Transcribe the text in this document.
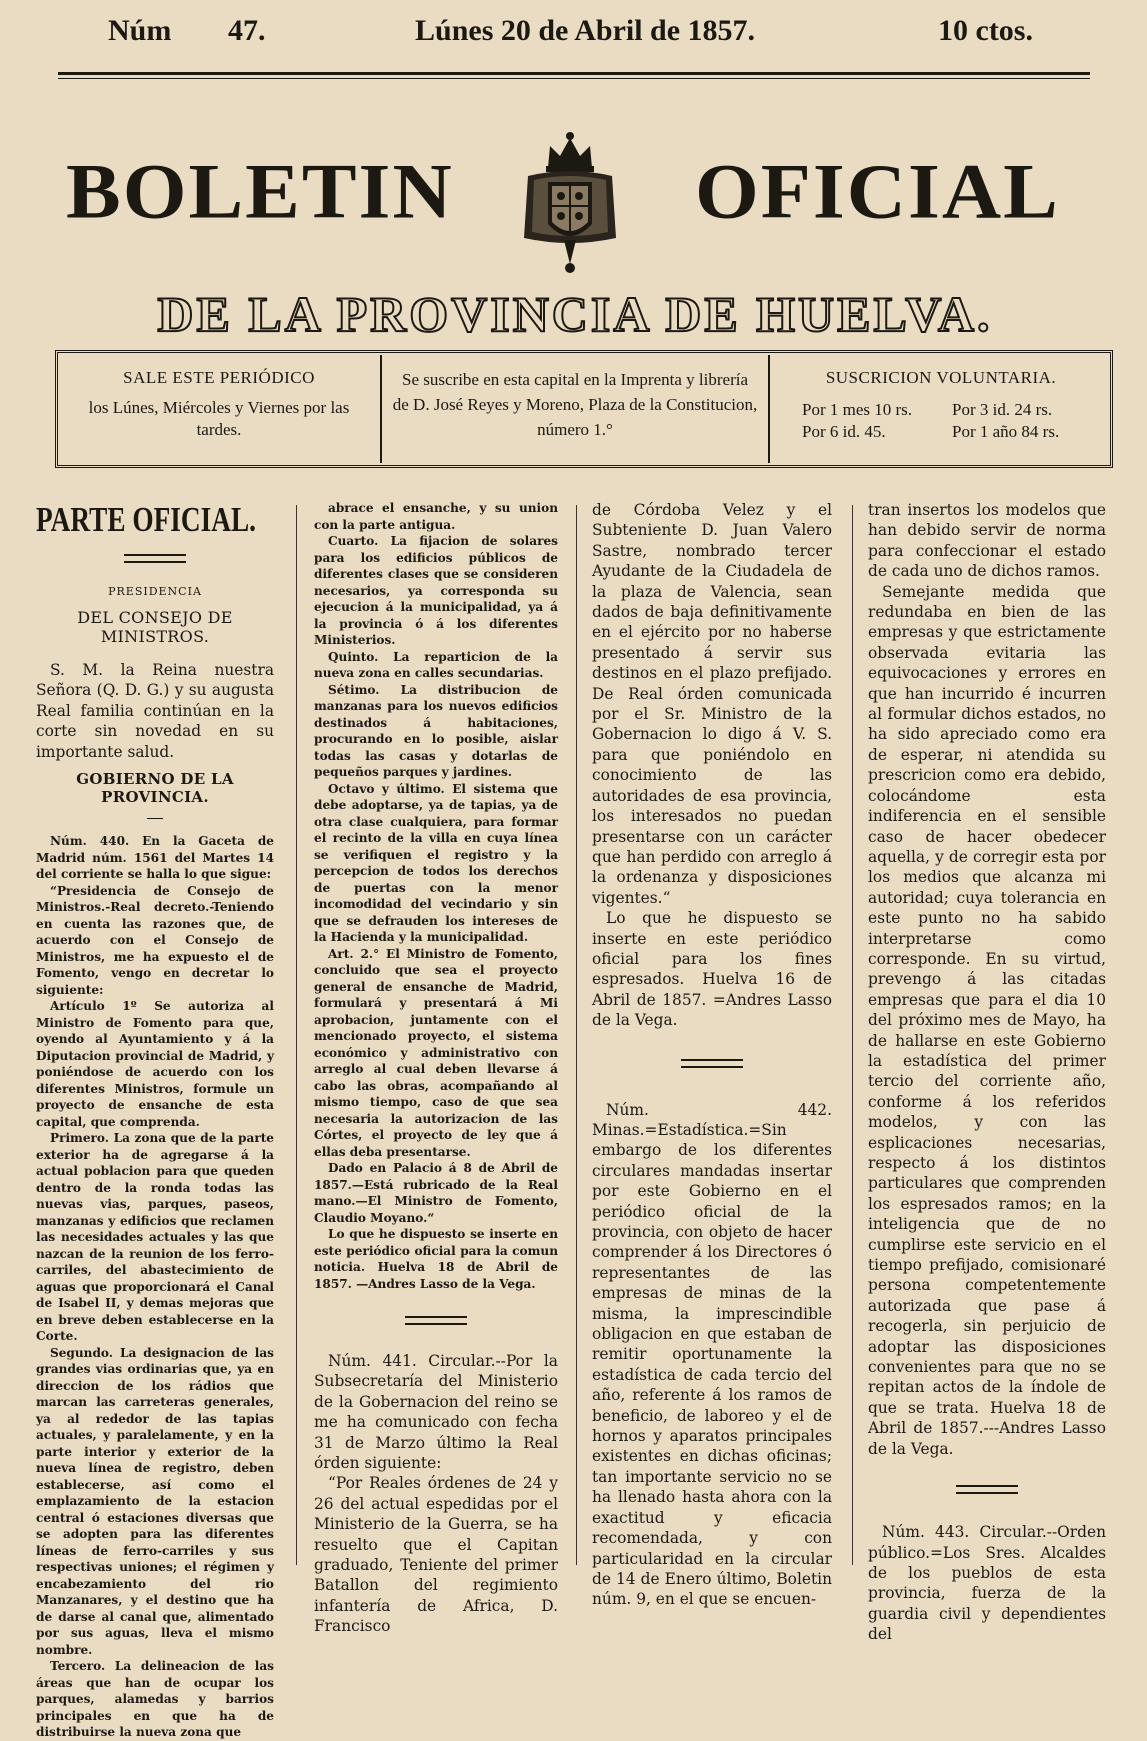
Núm 47.	Lúnes 20 de Abril de 1857.	10 ctos.
BOLETIN	OFICIAL
DE LA PROVINCIA DE HUELVA.
SALE ESTE PERIÓDICO
los Lúnes, Miércoles y Viernes por las tardes.
Se suscribe en esta capital en la Imprenta y librería de D. José Reyes y Moreno, Plaza de la Constitucion, número 1.°
SUSCRICION VOLUNTARIA.
Por 1 mes 10 rs.	Por 3 id. 24 rs.
Por 6 id. 45.	Por 1 año 84 rs.
PARTE OFICIAL.

PRESIDENCIA

DEL CONSEJO DE MINISTROS.

S. M. la Reina nuestra Señora (Q. D. G.) y su augusta Real familia continúan en la corte sin novedad en su importante salud.

GOBIERNO DE LA PROVINCIA.

Núm. 440. En la Gaceta de Madrid núm. 1561 del Martes 14 del corriente se halla lo que sigue:

“Presidencia de Consejo de Ministros.-Real decreto.-Teniendo en cuenta las razones que, de acuerdo con el Consejo de Ministros, me ha expuesto el de Fomento, vengo en decretar lo siguiente:

Artículo 1º Se autoriza al Ministro de Fomento para que, oyendo al Ayuntamiento y á la Diputacion provincial de Madrid, y poniéndose de acuerdo con los diferentes Ministros, formule un proyecto de ensanche de esta capital, que comprenda.

Primero. La zona que de la parte exterior ha de agregarse á la actual poblacion para que queden dentro de la ronda todas las nuevas vias, parques, paseos, manzanas y edificios que reclamen las necesidades actuales y las que nazcan de la reunion de los ferro-carriles, del abastecimiento de aguas que proporcionará el Canal de Isabel II, y demas mejoras que en breve deben establecerse en la Corte.

Segundo. La designacion de las grandes vias ordinarias que, ya en direccion de los rádios que marcan las carreteras generales, ya al rededor de las tapias actuales, y paralelamente, y en la parte interior y exterior de la nueva línea de registro, deben establecerse, así como el emplazamiento de la estacion central ó estaciones diversas que se adopten para las diferentes líneas de ferro-carriles y sus respectivas uniones; el régimen y encabezamiento del rio Manzanares, y el destino que ha de darse al canal que, alimentado por sus aguas, lleva el mismo nombre.

Tercero. La delineacion de las áreas que han de ocupar los parques, alamedas y barrios principales en que ha de distribuirse la nueva zona que

abrace el ensanche, y su union con la parte antigua.

Cuarto. La fijacion de solares para los edificios públicos de diferentes clases que se consideren necesarios, ya corresponda su ejecucion á la municipalidad, ya á la provincia ó á los diferentes Ministerios.

Quinto. La reparticion de la nueva zona en calles secundarias.

Sétimo. La distribucion de manzanas para los nuevos edificios destinados á habitaciones, procurando en lo posible, aislar todas las casas y dotarlas de pequeños parques y jardines.

Octavo y último. El sistema que debe adoptarse, ya de tapias, ya de otra clase cualquiera, para formar el recinto de la villa en cuya línea se verifiquen el registro y la percepcion de todos los derechos de puertas con la menor incomodidad del vecindario y sin que se defrauden los intereses de la Hacienda y la municipalidad.

Art. 2.° El Ministro de Fomento, concluido que sea el proyecto general de ensanche de Madrid, formulará y presentará á Mi aprobacion, juntamente con el mencionado proyecto, el sistema económico y administrativo con arreglo al cual deben llevarse á cabo las obras, acompañando al mismo tiempo, caso de que sea necesaria la autorizacion de las Córtes, el proyecto de ley que á ellas deba presentarse.

Dado en Palacio á 8 de Abril de 1857.—Está rubricado de la Real mano.—El Ministro de Fomento, Claudio Moyano.“

Lo que he dispuesto se inserte en este periódico oficial para la comun noticia. Huelva 18 de Abril de 1857. —Andres Lasso de la Vega.

Núm. 441. Circular.--Por la Subsecretaría del Ministerio de la Gobernacion del reino se me ha comunicado con fecha 31 de Marzo último la Real órden siguiente:

“Por Reales órdenes de 24 y 26 del actual espedidas por el Ministerio de la Guerra, se ha resuelto que el Capitan graduado, Teniente del primer Batallon del regimiento infantería de Africa, D. Francisco

de Córdoba Velez y el Subteniente D. Juan Valero Sastre, nombrado tercer Ayudante de la Ciudadela de la plaza de Valencia, sean dados de baja definitivamente en el ejército por no haberse presentado á servir sus destinos en el plazo prefijado. De Real órden comunicada por el Sr. Ministro de la Gobernacion lo digo á V. S. para que poniéndolo en conocimiento de las autoridades de esa provincia, los interesados no puedan presentarse con un carácter que han perdido con arreglo á la ordenanza y disposiciones vigentes.“

Lo que he dispuesto se inserte en este periódico oficial para los fines espresados. Huelva 16 de Abril de 1857. =Andres Lasso de la Vega.

Núm. 442. Minas.=Estadística.=Sin embargo de los diferentes circulares mandadas insertar por este Gobierno en el periódico oficial de la provincia, con objeto de hacer comprender á los Directores ó representantes de las empresas de minas de la misma, la imprescindible obligacion en que estaban de remitir oportunamente la estadística de cada tercio del año, referente á los ramos de beneficio, de laboreo y el de hornos y aparatos principales existentes en dichas oficinas; tan importante servicio no se ha llenado hasta ahora con la exactitud y eficacia recomendada, y con particularidad en la circular de 14 de Enero último, Boletin núm. 9, en el que se encuen-

tran insertos los modelos que han debido servir de norma para confeccionar el estado de cada uno de dichos ramos.

Semejante medida que redundaba en bien de las empresas y que estrictamente observada evitaria las equivocaciones y errores en que han incurrido é incurren al formular dichos estados, no ha sido apreciado como era de esperar, ni atendida su prescricion como era debido, colocándome esta indiferencia en el sensible caso de hacer obedecer aquella, y de corregir esta por los medios que alcanza mi autoridad; cuya tolerancia en este punto no ha sabido interpretarse como corresponde. En su virtud, prevengo á las citadas empresas que para el dia 10 del próximo mes de Mayo, ha de hallarse en este Gobierno la estadística del primer tercio del corriente año, conforme á los referidos modelos, y con las esplicaciones necesarias, respecto á los distintos particulares que comprenden los espresados ramos; en la inteligencia que de no cumplirse este servicio en el tiempo prefijado, comisionaré persona competentemente autorizada que pase á recogerla, sin perjuicio de adoptar las disposiciones convenientes para que no se repitan actos de la índole de que se trata. Huelva 18 de Abril de 1857.---Andres Lasso de la Vega.

Núm. 443. Circular.--Orden público.=Los Sres. Alcaldes de los pueblos de esta provincia, fuerza de la guardia civil y dependientes del
